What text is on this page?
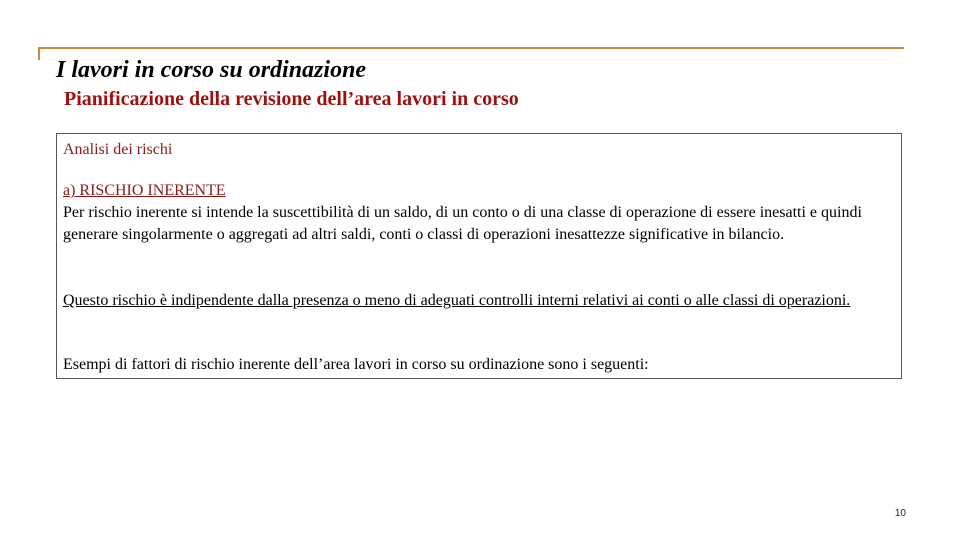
I lavori in corso su ordinazione
Pianificazione della revisione dell’area lavori in corso

Analisi dei rischi

a) RISCHIO INERENTE

Per rischio inerente si intende la suscettibilità di un saldo, di un conto o di una classe di operazione di essere inesatti e quindi generare singolarmente o aggregati ad altri saldi, conti o classi di operazioni inesattezze significative in bilancio.

Questo rischio è indipendente dalla presenza o meno di adeguati controlli interni relativi ai conti o alle classi di operazioni.

Esempi di fattori di rischio inerente dell’area lavori in corso su ordinazione sono i seguenti:

10
